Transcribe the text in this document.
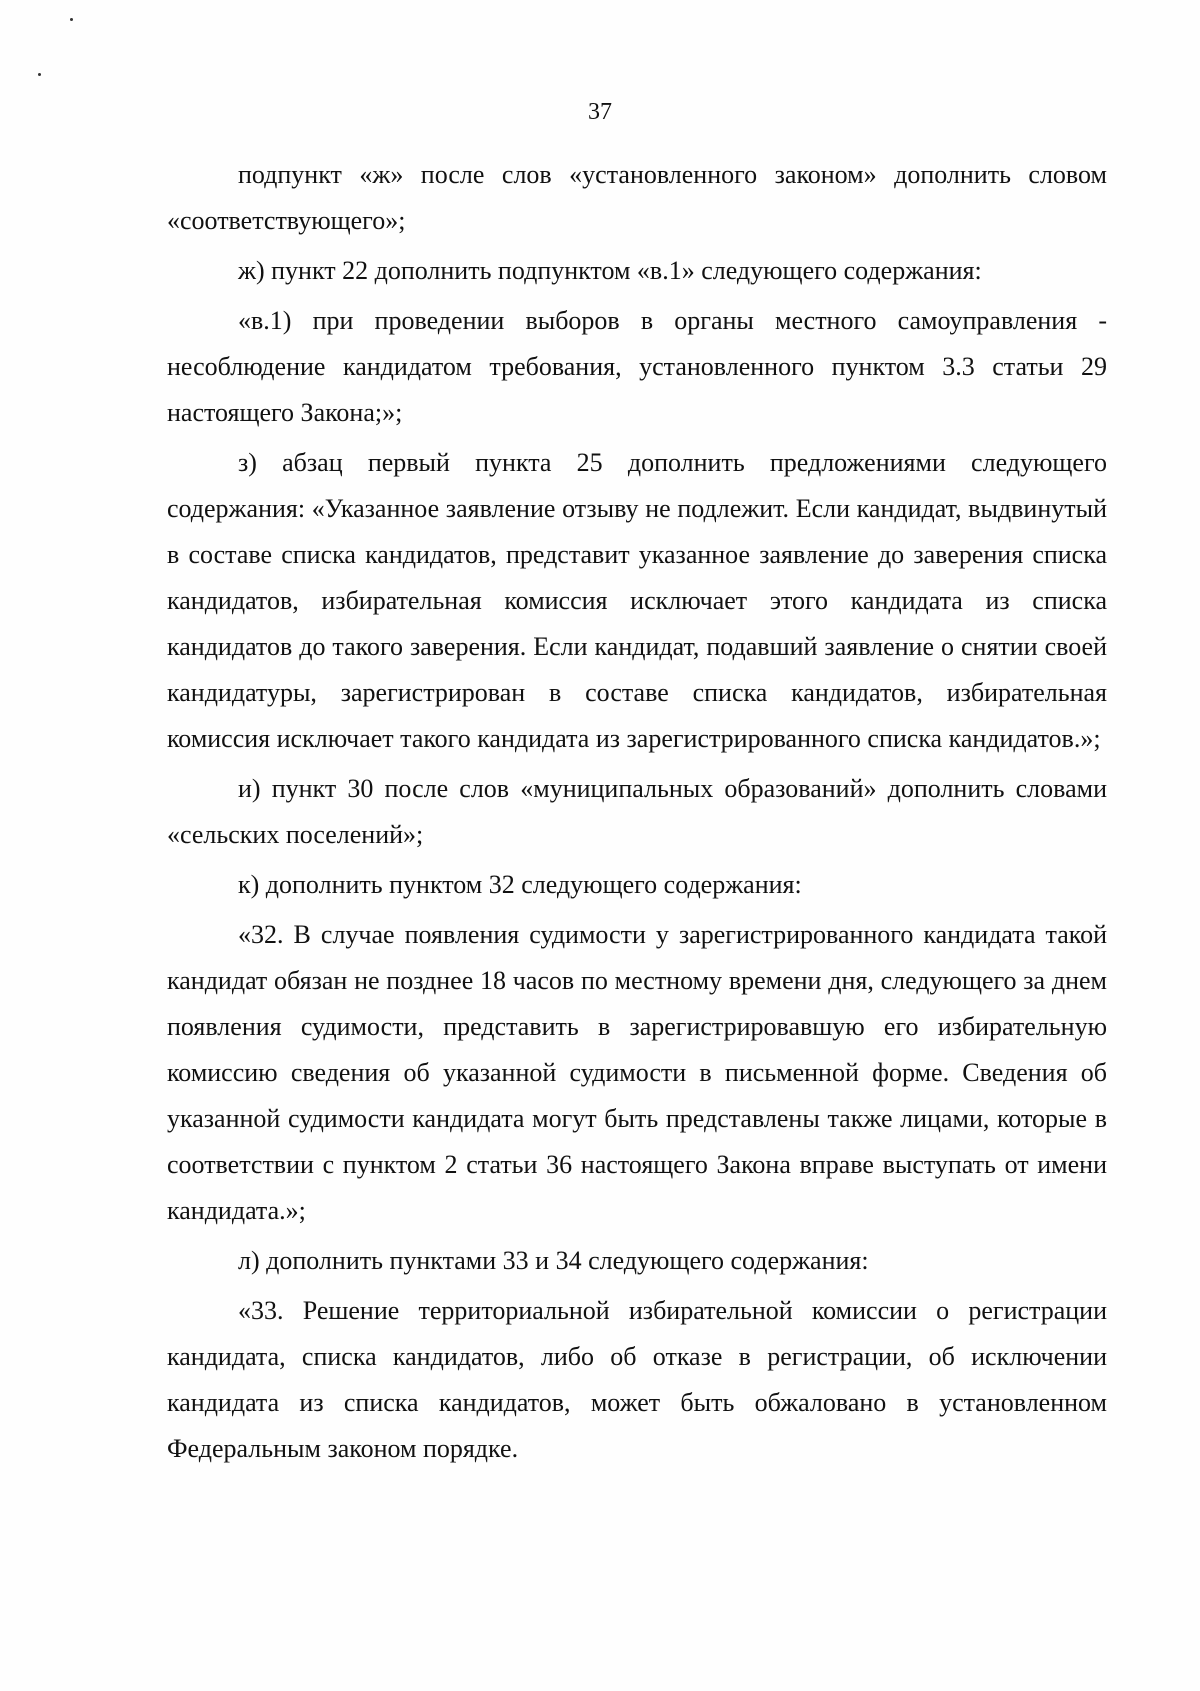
37

подпункт «ж» после слов «установленного законом» дополнить словом «соответствующего»;

ж) пункт 22 дополнить подпунктом «в.1» следующего содержания:

«в.1) при проведении выборов в органы местного самоуправления - несоблюдение кандидатом требования, установленного пунктом 3.3 статьи 29 настоящего Закона;»;

з) абзац первый пункта 25 дополнить предложениями следующего содержания: «Указанное заявление отзыву не подлежит. Если кандидат, выдвинутый в составе списка кандидатов, представит указанное заявление до заверения списка кандидатов, избирательная комиссия исключает этого кандидата из списка кандидатов до такого заверения. Если кандидат, подавший заявление о снятии своей кандидатуры, зарегистрирован в составе списка кандидатов, избирательная комиссия исключает такого кандидата из зарегистрированного списка кандидатов.»;

и) пункт 30 после слов «муниципальных образований» дополнить словами «сельских поселений»;

к) дополнить пунктом 32 следующего содержания:

«32. В случае появления судимости у зарегистрированного кандидата такой кандидат обязан не позднее 18 часов по местному времени дня, следующего за днем появления судимости, представить в зарегистрировавшую его избирательную комиссию сведения об указанной судимости в письменной форме. Сведения об указанной судимости кандидата могут быть представлены также лицами, которые в соответствии с пунктом 2 статьи 36 настоящего Закона вправе выступать от имени кандидата.»;

л) дополнить пунктами 33 и 34 следующего содержания:

«33. Решение территориальной избирательной комиссии о регистрации кандидата, списка кандидатов, либо об отказе в регистрации, об исключении кандидата из списка кандидатов, может быть обжаловано в установленном Федеральным законом порядке.
